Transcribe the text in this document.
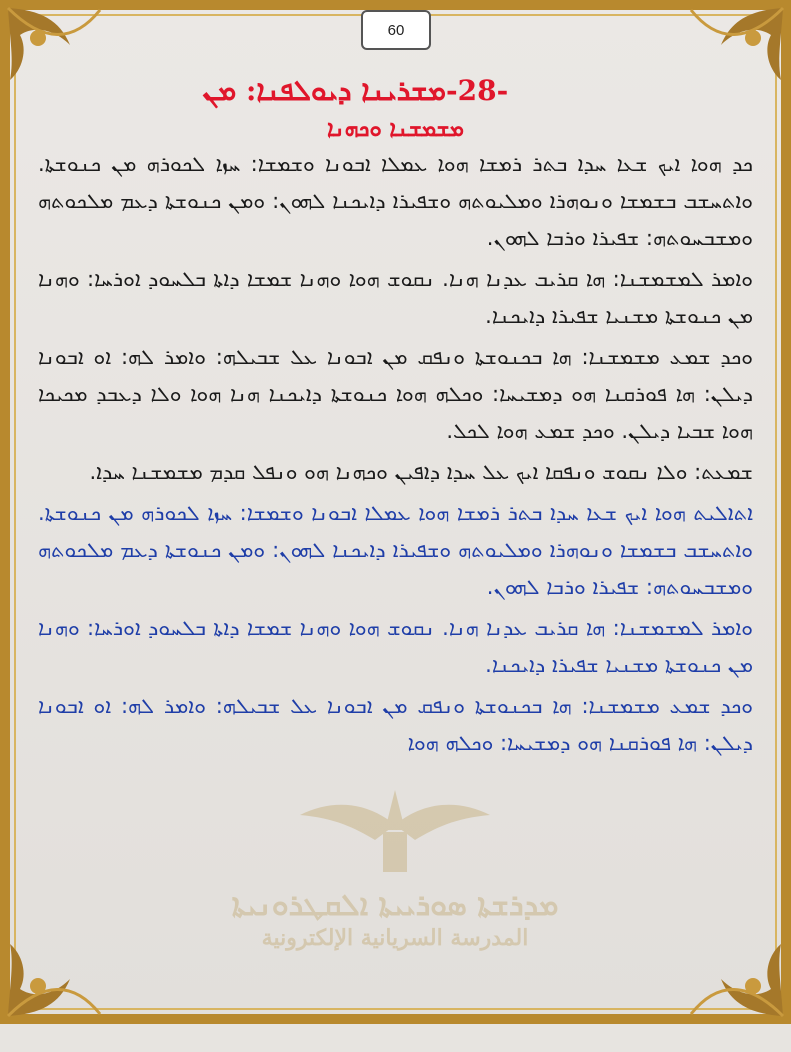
60
-28-ܡܫܪܝܢܐ ܕܝܘܠܦܢܐ: ܡܢ
ܡܫܡܫܢܐ ܘܟܗܢܐ
ܡܕܪܫܬܐ ܣܘܪܝܝܬܐ ܐܠܩܛܪܘܢܝܬܐ
المدرسة السريانية الإلكترونية

ܟܕ ܗܘܐ ܐܝܟ ܫܥܐ ܚܕܐ ܒܬܪ ܪܡܫܐ ܗܘܐ ܥܡܠܐ ܐܒܘܢܐ ܘܫܡܫܐ: ܚܙܐ ܠܟܘܪܗ ܡܢ ܟܢܘܫܬܐ. ܘܐܬܚܫܒ ܒܫܡܫܐ ܘܢܘܗܪܐ ܘܡܠܝܘܬܗ ܘܫܦܝܪܐ ܕܐܝܟܢܐ ܠܗܘܢ: ܘܡܢ ܟܢܘܫܬܐ ܕܥܡ ܡܠܟܘܬܗ ܘܡܫܒܚܘܬܗ: ܫܦܝܪܐ ܘܪܒܐ ܠܗܘܢ.

ܘܐܡܪ ܠܡܫܡܫܢܐ: ܗܐ ܩܪܝܒ ܥܕܢܐ ܗܢܐ. ܢܩܘܫ ܗܘܐ ܘܗܢܐ ܫܡܫܐ ܕܐܬܐ ܒܠܚܘܕ ܐܘܪܚܐ: ܘܗܢܐ ܡܢ ܟܢܘܫܬܐ ܡܫܢܝܐ ܫܦܝܪܐ ܕܐܝܟܢܐ.

ܘܟܕ ܫܡܥ ܡܫܡܫܢܐ: ܗܐ ܒܟܢܘܫܬܐ ܘܢܦܩ ܡܢ ܐܒܘܢܐ ܥܠ ܫܒܝܠܗ: ܘܐܡܪ ܠܗ: ܐܘ ܐܒܘܢܐ ܕܝܠܢ: ܗܐ ܦܘܪܩܢܐ ܗܘ ܕܡܫܝܚܐ: ܘܟܠܗ ܗܘܐ ܟܢܘܫܬܐ ܕܐܝܟܢܐ ܗܢܐ ܗܘܐ ܘܠܐ ܕܥܒܕ ܡܟܝܟܐ ܗܘܐ ܫܒܝܐ ܕܝܠܢ. ܘܟܕ ܫܡܥ ܗܘܐ ܠܟܠ.

ܫܡܥܬ: ܘܠܐ ܢܩܘܫ ܘܢܦܩܐ ܐܝܟ ܥܠ ܚܕܐ ܕܐܦܝܢ ܘܟܗܢܐ ܗܘ ܘܢܦܠ ܩܕܡ ܡܫܡܫܢܐ ܚܕܐ.

ܐܬܐܠܝܬ ܗܘܐ ܐܝܟ ܫܥܐ ܚܕܐ ܒܬܪ ܪܡܫܐ ܗܘܐ ܥܡܠܐ ܐܒܘܢܐ ܘܫܡܫܐ: ܚܙܐ ܠܟܘܪܗ ܡܢ ܟܢܘܫܬܐ. ܘܐܬܚܫܒ ܒܫܡܫܐ ܘܢܘܗܪܐ ܘܡܠܝܘܬܗ ܘܫܦܝܪܐ ܕܐܝܟܢܐ ܠܗܘܢ: ܘܡܢ ܟܢܘܫܬܐ ܕܥܡ ܡܠܟܘܬܗ ܘܡܫܒܚܘܬܗ: ܫܦܝܪܐ ܘܪܒܐ ܠܗܘܢ.

ܘܐܡܪ ܠܡܫܡܫܢܐ: ܗܐ ܩܪܝܒ ܥܕܢܐ ܗܢܐ. ܢܩܘܫ ܗܘܐ ܘܗܢܐ ܫܡܫܐ ܕܐܬܐ ܒܠܚܘܕ ܐܘܪܚܐ: ܘܗܢܐ ܡܢ ܟܢܘܫܬܐ ܡܫܢܝܐ ܫܦܝܪܐ ܕܐܝܟܢܐ.

ܘܟܕ ܫܡܥ ܡܫܡܫܢܐ: ܗܐ ܒܟܢܘܫܬܐ ܘܢܦܩ ܡܢ ܐܒܘܢܐ ܥܠ ܫܒܝܠܗ: ܘܐܡܪ ܠܗ: ܐܘ ܐܒܘܢܐ ܕܝܠܢ: ܗܐ ܦܘܪܩܢܐ ܗܘ ܕܡܫܝܚܐ: ܘܟܠܗ ܗܘܐ
